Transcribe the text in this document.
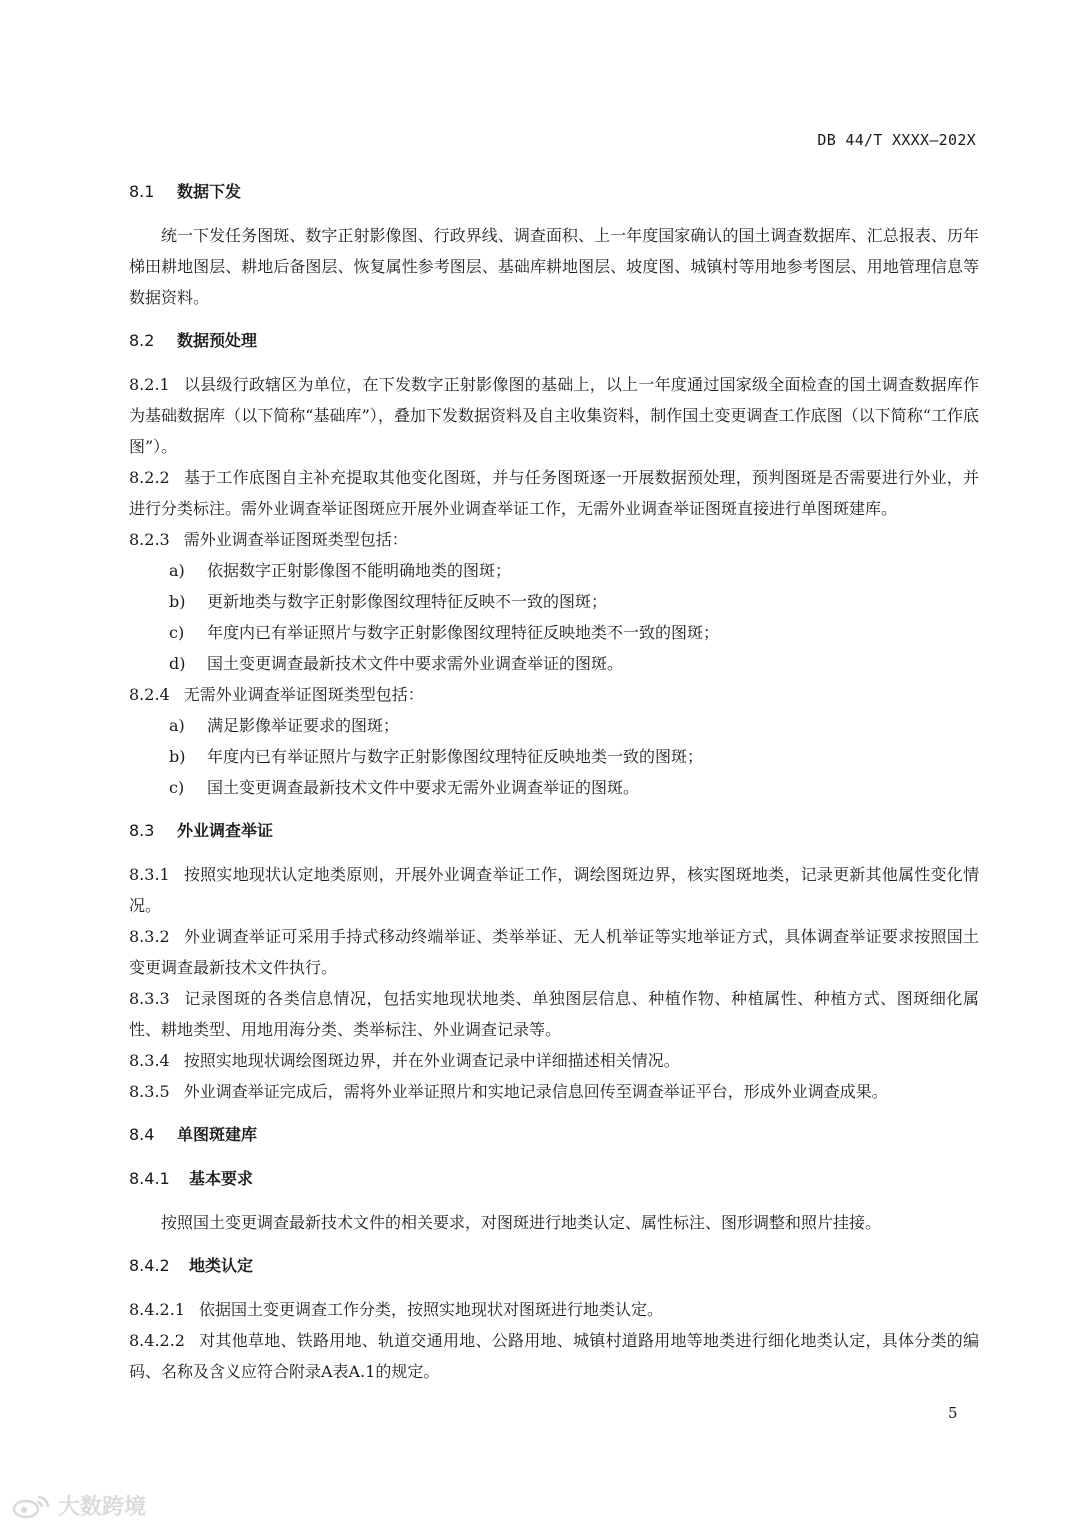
DB 44/T XXXX—202X
8.1 数据下发

统一下发任务图斑、数字正射影像图、行政界线、调查面积、上一年度国家确认的国土调查数据库、汇总报表、历年梯田耕地图层、耕地后备图层、恢复属性参考图层、基础库耕地图层、坡度图、城镇村等用地参考图层、用地管理信息等数据资料。

8.2 数据预处理

8.2.1 以县级行政辖区为单位，在下发数字正射影像图的基础上，以上一年度通过国家级全面检查的国土调查数据库作为基础数据库（以下简称“基础库”），叠加下发数据资料及自主收集资料，制作国土变更调查工作底图（以下简称“工作底图”）。

8.2.2 基于工作底图自主补充提取其他变化图斑，并与任务图斑逐一开展数据预处理，预判图斑是否需要进行外业，并进行分类标注。需外业调查举证图斑应开展外业调查举证工作，无需外业调查举证图斑直接进行单图斑建库。

8.2.3 需外业调查举证图斑类型包括：

a) 依据数字正射影像图不能明确地类的图斑；

b) 更新地类与数字正射影像图纹理特征反映不一致的图斑；

c) 年度内已有举证照片与数字正射影像图纹理特征反映地类不一致的图斑；

d) 国土变更调查最新技术文件中要求需外业调查举证的图斑。

8.2.4 无需外业调查举证图斑类型包括：

a) 满足影像举证要求的图斑；

b) 年度内已有举证照片与数字正射影像图纹理特征反映地类一致的图斑；

c) 国土变更调查最新技术文件中要求无需外业调查举证的图斑。

8.3 外业调查举证

8.3.1 按照实地现状认定地类原则，开展外业调查举证工作，调绘图斑边界，核实图斑地类，记录更新其他属性变化情况。

8.3.2 外业调查举证可采用手持式移动终端举证、类举举证、无人机举证等实地举证方式，具体调查举证要求按照国土变更调查最新技术文件执行。

8.3.3 记录图斑的各类信息情况，包括实地现状地类、单独图层信息、种植作物、种植属性、种植方式、图斑细化属性、耕地类型、用地用海分类、类举标注、外业调查记录等。

8.3.4 按照实地现状调绘图斑边界，并在外业调查记录中详细描述相关情况。

8.3.5 外业调查举证完成后，需将外业举证照片和实地记录信息回传至调查举证平台，形成外业调查成果。

8.4 单图斑建库
8.4.1 基本要求

按照国土变更调查最新技术文件的相关要求，对图斑进行地类认定、属性标注、图形调整和照片挂接。

8.4.2 地类认定

8.4.2.1 依据国土变更调查工作分类，按照实地现状对图斑进行地类认定。

8.4.2.2 对其他草地、铁路用地、轨道交通用地、公路用地、城镇村道路用地等地类进行细化地类认定，具体分类的编码、名称及含义应符合附录A表A.1的规定。

5
大数跨境
